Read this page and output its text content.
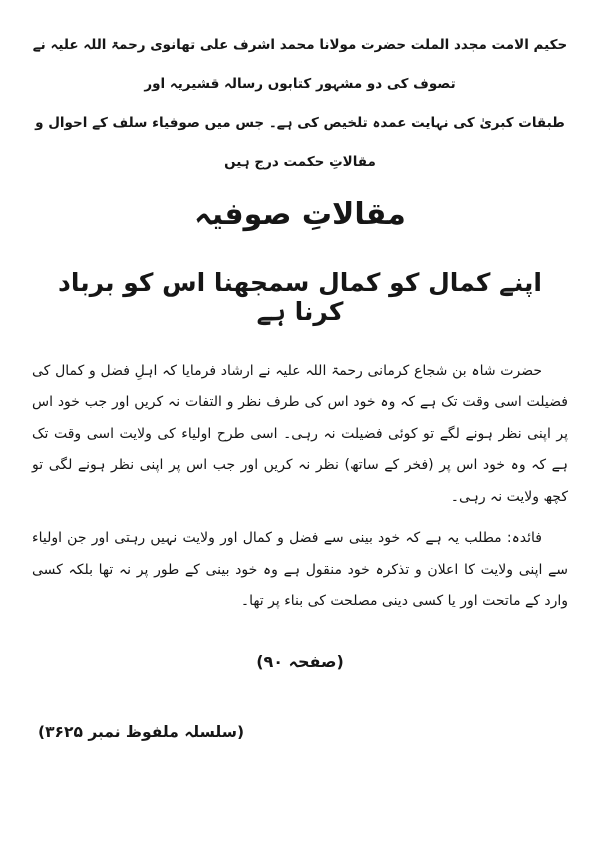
حکیم الامت مجدد الملت حضرت مولانا محمد اشرف علی تھانوی رحمۃ اللہ علیہ نے تصوف کی دو مشہور کتابوں رسالہ قشیریہ اور

طبقات کبریٰ کی نہایت عمدہ تلخیص کی ہے۔ جس میں صوفیاء سلف کے احوال و مقالاتِ حکمت درج ہیں

مقالاتِ صوفیہ
اپنے کمال کو کمال سمجھنا اس کو برباد کرنا ہے

حضرت شاہ بن شجاع کرمانی رحمۃ اللہ علیہ نے ارشاد فرمایا کہ اہلِ فضل و کمال کی فضیلت اسی وقت تک ہے کہ وہ خود اس کی طرف نظر و التفات نہ کریں اور جب خود اس پر اپنی نظر ہونے لگے تو کوئی فضیلت نہ رہی۔ اسی طرح اولیاء کی ولایت اسی وقت تک ہے کہ وہ خود اس پر (فخر کے ساتھ) نظر نہ کریں اور جب اس پر اپنی نظر ہونے لگی تو کچھ ولایت نہ رہی۔

فائدہ: مطلب یہ ہے کہ خود بینی سے فضل و کمال اور ولایت نہیں رہتی اور جن اولیاء سے اپنی ولایت کا اعلان و تذکرہ خود منقول ہے وہ خود بینی کے طور پر نہ تھا بلکہ کسی وارد کے ماتحت اور یا کسی دینی مصلحت کی بناء پر تھا۔

(صفحہ ۹۰)
(سلسلہ ملفوظ نمبر ۳۶۲۵)
